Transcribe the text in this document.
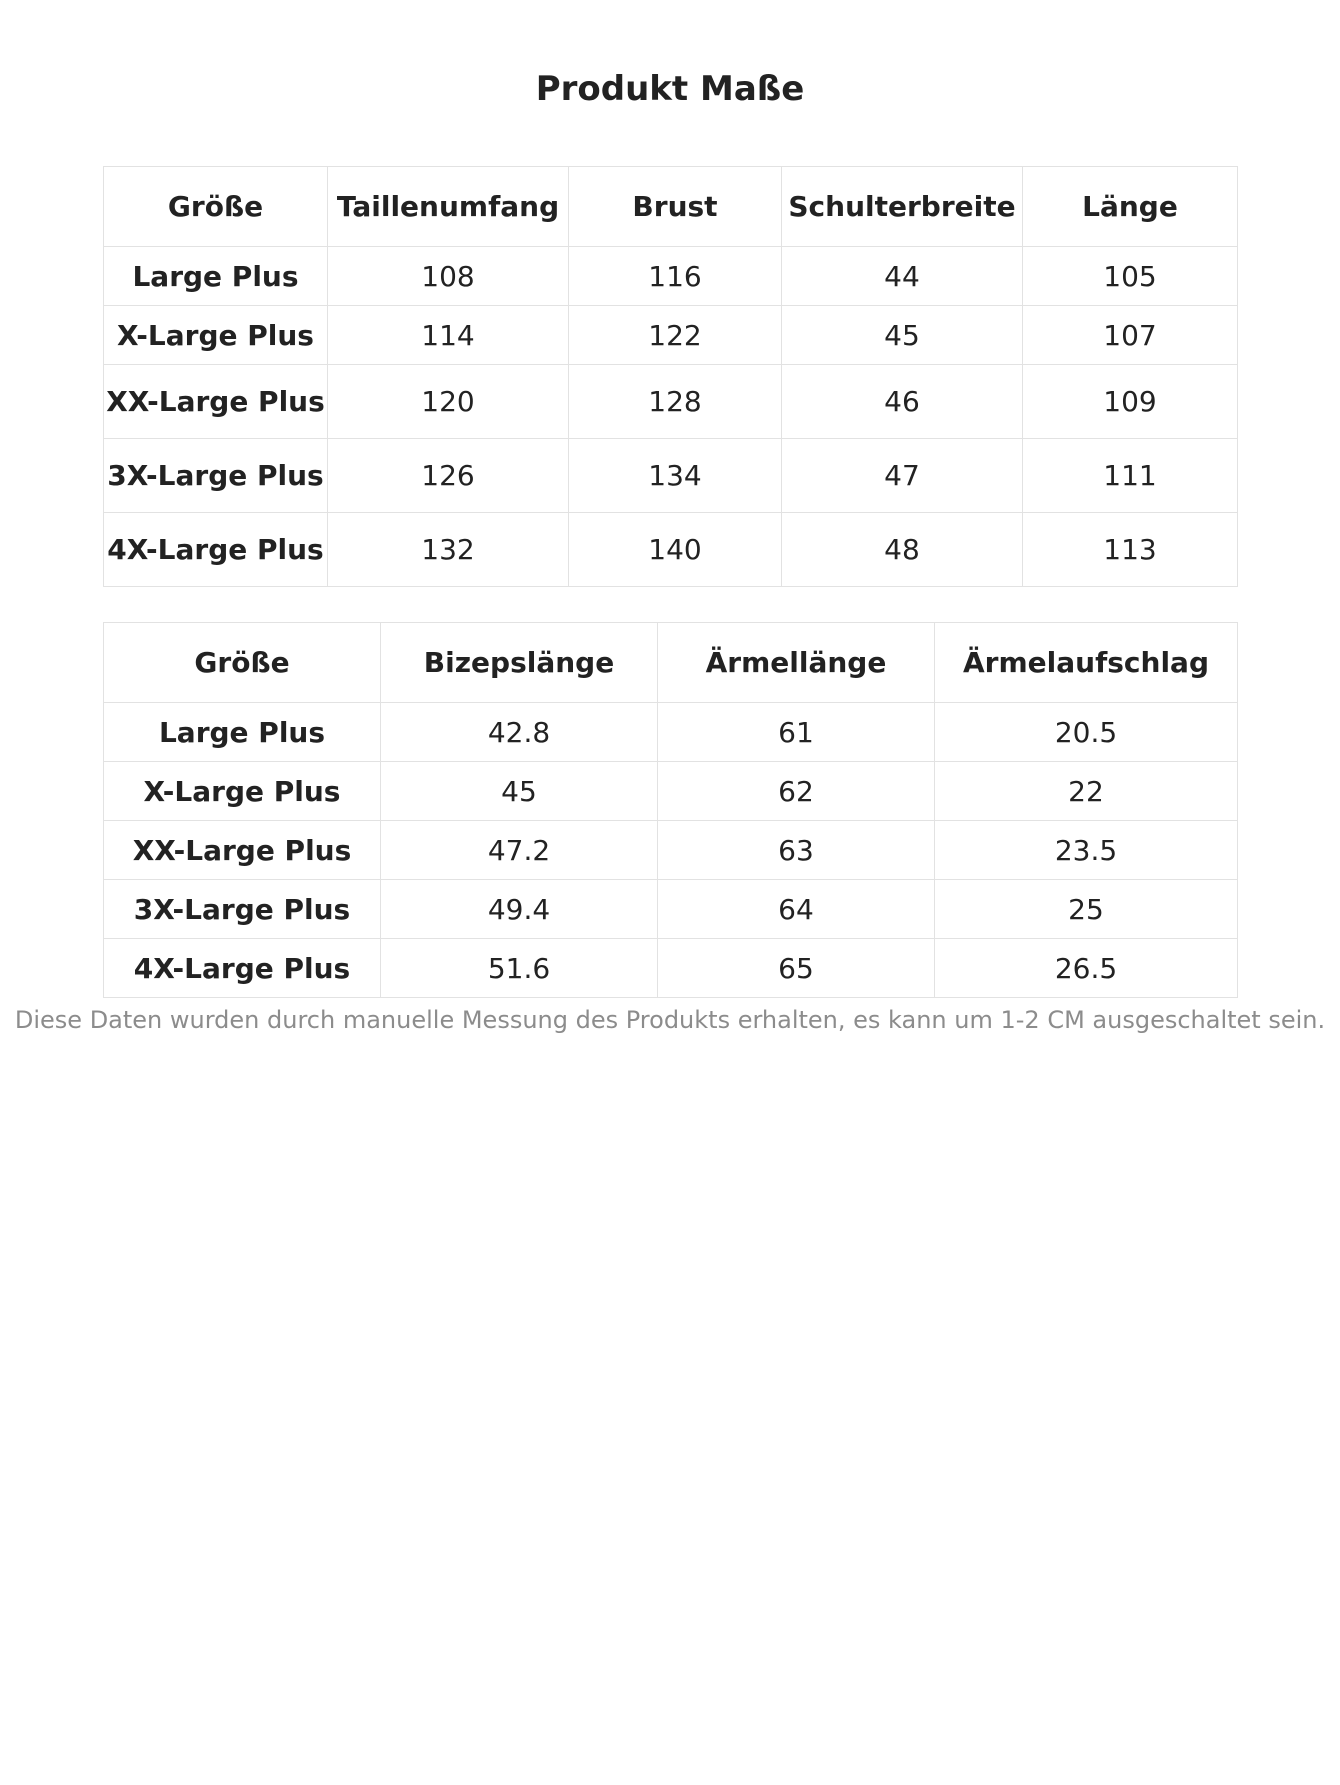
Produkt Maße
Größe	Taillenumfang	Brust	Schulterbreite	Länge
Large Plus	108	116	44	105
X-Large Plus	114	122	45	107
XX-Large Plus	120	128	46	109
3X-Large Plus	126	134	47	111
4X-Large Plus	132	140	48	113
Größe	Bizepslänge	Ärmellänge	Ärmelaufschlag
Large Plus	42.8	61	20.5
X-Large Plus	45	62	22
XX-Large Plus	47.2	63	23.5
3X-Large Plus	49.4	64	25
4X-Large Plus	51.6	65	26.5

Diese Daten wurden durch manuelle Messung des Produkts erhalten, es kann um 1-2 CM ausgeschaltet sein.
